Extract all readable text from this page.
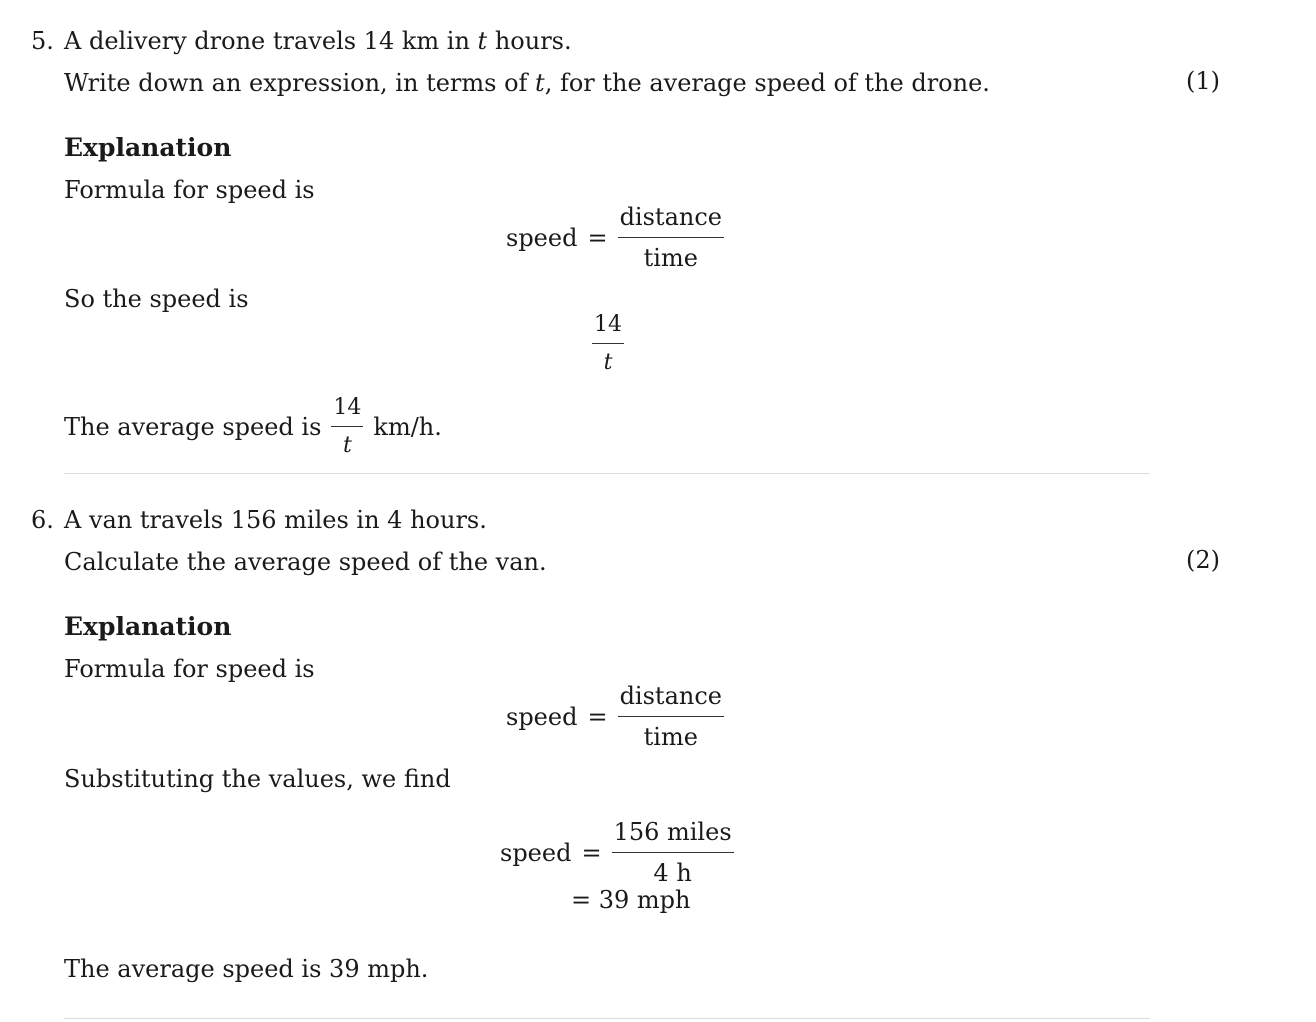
5. A delivery drone travels 14 km in t hours.
Write down an expression, in terms of t, for the average speed of the drone.	(1)
Explanation
Formula for speed is
speed = $\frac{\text{distance}}{\text{time}}$
So the speed is
$\frac{14}{t}$
The average speed is $\frac{14}{t} km/h$.
6. A van travels 156 miles in 4 hours.
Calculate the average speed of the van.	(2)
Explanation
Formula for speed is
speed = $\frac{\text{distance}}{\text{time}}$
Substituting the values, we find
speed = $\frac{\text{156 miles}}{4 h}$
= 39 mph
The average speed is 39 mph.
